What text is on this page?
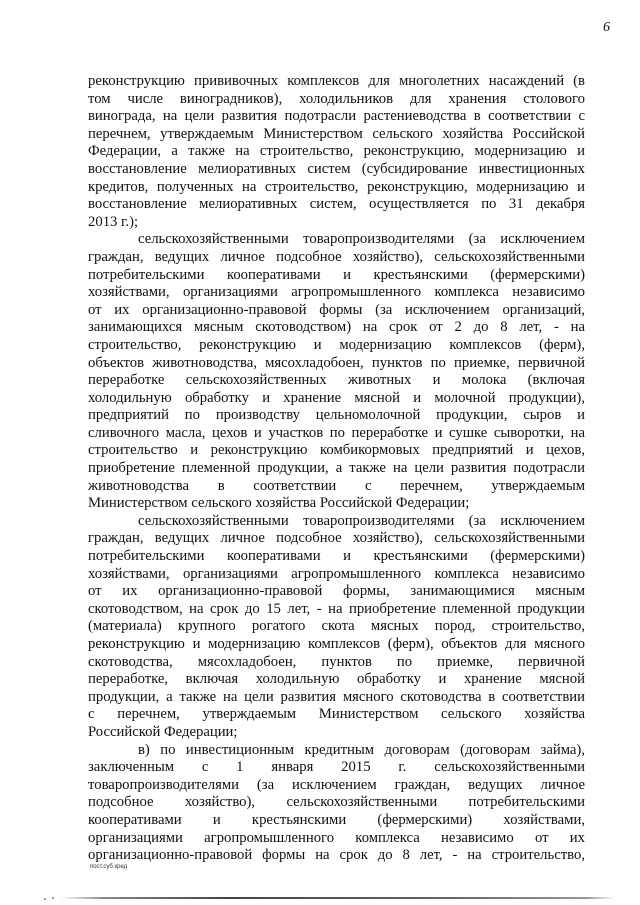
6
реконструкцию прививочных комплексов для многолетних насаждений (в
том числе виноградников), холодильников для хранения столового
винограда, на цели развития подотрасли растениеводства в соответствии с
перечнем, утверждаемым Министерством сельского хозяйства Российской
Федерации, а также на строительство, реконструкцию, модернизацию и
восстановление мелиоративных систем (субсидирование инвестиционных
кредитов, полученных на строительство, реконструкцию, модернизацию и
восстановление мелиоративных систем, осуществляется по 31 декабря
2013 г.);
сельскохозяйственными товаропроизводителями (за исключением
граждан, ведущих личное подсобное хозяйство), сельскохозяйственными
потребительскими кооперативами и крестьянскими (фермерскими)
хозяйствами, организациями агропромышленного комплекса независимо
от их организационно-правовой формы (за исключением организаций,
занимающихся мясным скотоводством) на срок от 2 до 8 лет, - на
строительство, реконструкцию и модернизацию комплексов (ферм),
объектов животноводства, мясохладобоен, пунктов по приемке, первичной
переработке сельскохозяйственных животных и молока (включая
холодильную обработку и хранение мясной и молочной продукции),
предприятий по производству цельномолочной продукции, сыров и
сливочного масла, цехов и участков по переработке и сушке сыворотки, на
строительство и реконструкцию комбикормовых предприятий и цехов,
приобретение племенной продукции, а также на цели развития подотрасли
животноводства в соответствии с перечнем, утверждаемым
Министерством сельского хозяйства Российской Федерации;
сельскохозяйственными товаропроизводителями (за исключением
граждан, ведущих личное подсобное хозяйство), сельскохозяйственными
потребительскими кооперативами и крестьянскими (фермерскими)
хозяйствами, организациями агропромышленного комплекса независимо
от их организационно-правовой формы, занимающимися мясным
скотоводством, на срок до 15 лет, - на приобретение племенной продукции
(материала) крупного рогатого скота мясных пород, строительство,
реконструкцию и модернизацию комплексов (ферм), объектов для мясного
скотоводства, мясохладобоен, пунктов по приемке, первичной
переработке, включая холодильную обработку и хранение мясной
продукции, а также на цели развития мясного скотоводства в соответствии
с перечнем, утверждаемым Министерством сельского хозяйства
Российской Федерации;
в) по инвестиционным кредитным договорам (договорам займа),
заключенным с 1 января 2015 г. сельскохозяйственными
товаропроизводителями (за исключением граждан, ведущих личное
подсобное хозяйство), сельскохозяйственными потребительскими
кооперативами и крестьянскими (фермерскими) хозяйствами,
организациями агропромышленного комплекса независимо от их
организационно-правовой формы на срок до 8 лет, - на строительство,
пост.суб.кред
